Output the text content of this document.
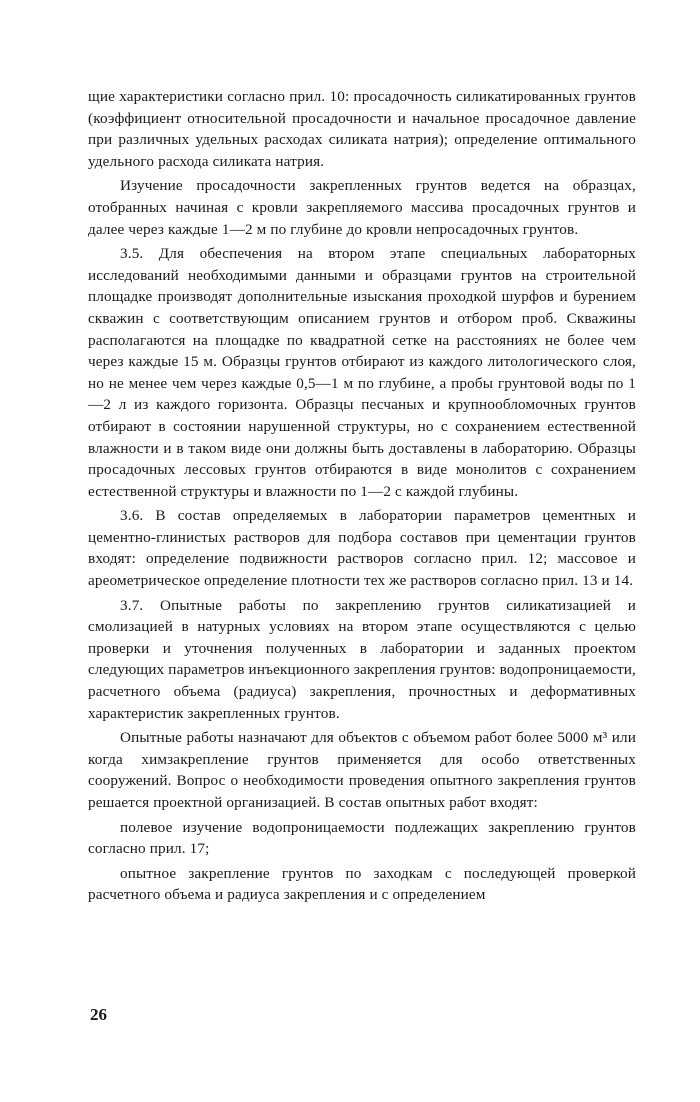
щие характеристики согласно прил. 10: просадочность силикатированных грунтов (коэффициент относительной просадочности и начальное просадочное давление при различных удельных расходах силиката натрия); определение оптимального удельного расхода силиката натрия.

Изучение просадочности закрепленных грунтов ведется на образцах, отобранных начиная с кровли закрепляемого массива просадочных грунтов и далее через каждые 1—2 м по глубине до кровли непросадочных грунтов.

3.5. Для обеспечения на втором этапе специальных лабораторных исследований необходимыми данными и образцами грунтов на строительной площадке производят дополнительные изыскания проходкой шурфов и бурением скважин с соответствующим описанием грунтов и отбором проб. Скважины располагаются на площадке по квадратной сетке на расстояниях не более чем через каждые 15 м. Образцы грунтов отбирают из каждого литологического слоя, но не менее чем через каждые 0,5—1 м по глубине, а пробы грунтовой воды по 1—2 л из каждого горизонта. Образцы песчаных и крупнообломочных грунтов отбирают в состоянии нарушенной структуры, но с сохранением естественной влажности и в таком виде они должны быть доставлены в лабораторию. Образцы просадочных лессовых грунтов отбираются в виде монолитов с сохранением естественной структуры и влажности по 1—2 с каждой глубины.

3.6. В состав определяемых в лаборатории параметров цементных и цементно-глинистых растворов для подбора составов при цементации грунтов входят: определение подвижности растворов согласно прил. 12; массовое и ареометрическое определение плотности тех же растворов согласно прил. 13 и 14.

3.7. Опытные работы по закреплению грунтов силикатизацией и смолизацией в натурных условиях на втором этапе осуществляются с целью проверки и уточнения полученных в лаборатории и заданных проектом следующих параметров инъекционного закрепления грунтов: водопроницаемости, расчетного объема (радиуса) закрепления, прочностных и деформативных характеристик закрепленных грунтов.

Опытные работы назначают для объектов с объемом работ более 5000 м³ или когда химзакрепление грунтов применяется для особо ответственных сооружений. Вопрос о необходимости проведения опытного закрепления грунтов решается проектной организацией. В состав опытных работ входят:

полевое изучение водопроницаемости подлежащих закреплению грунтов согласно прил. 17;

опытное закрепление грунтов по заходкам с последующей проверкой расчетного объема и радиуса закрепления и с определением

26
